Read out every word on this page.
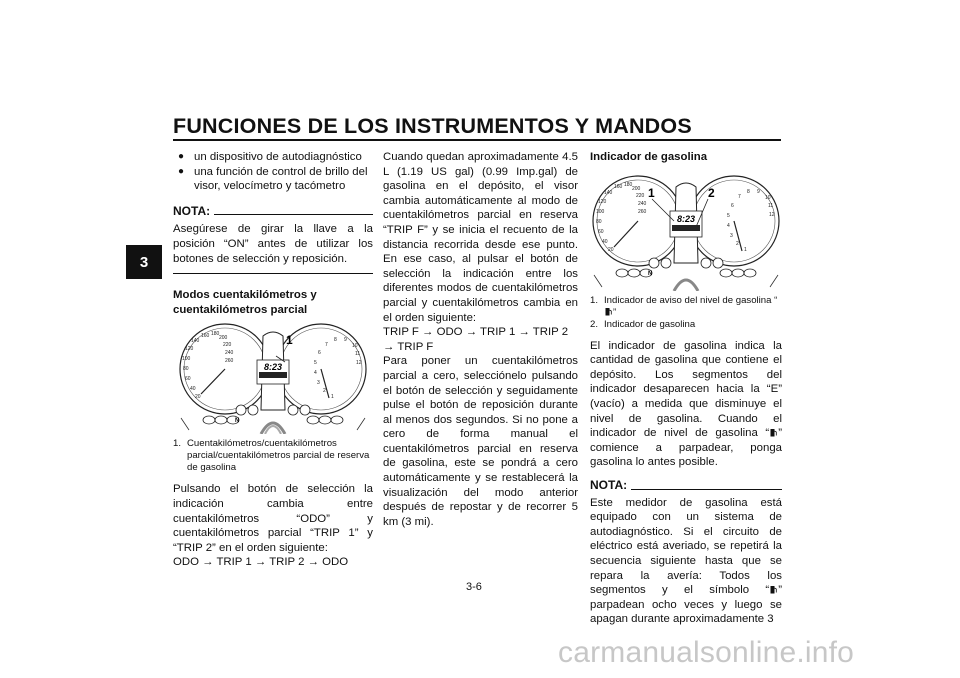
FUNCIONES DE LOS INSTRUMENTOS Y MANDOS
3
● un dispositivo de autodiagnóstico
● una función de control de brillo del visor, velocímetro y tacómetro
NOTA:

Asegúrese de girar la llave a la posición “ON” antes de utilizar los botones de selección y reposición.

Modos cuentakilómetros y cuentakilómetros parcial

8:23
20
40
60
80
100
120
140
160 180
200
220
240
260
1
2
3
4
5
6
7
8 9
10
11
12
N
1
1. Cuentakilómetros/cuentakilómetros parcial/cuentakilómetros parcial de reserva de gasolina

Pulsando el botón de selección la indicación cambia entre cuentakilómetros “ODO” y cuentakilómetros parcial “TRIP 1” y “TRIP 2” en el orden siguiente:

ODO → TRIP 1 → TRIP 2 → ODO

Cuando quedan aproximadamente 4.5 L (1.19 US gal) (0.99 Imp.gal) de gasolina en el depósito, el visor cambia automáticamente al modo de cuentakilómetros parcial en reserva “TRIP F” y se inicia el recuento de la distancia recorrida desde ese punto. En ese caso, al pulsar el botón de selección la indicación entre los diferentes modos de cuentakilómetros parcial y cuentakilómetros cambia en el orden siguiente:

TRIP F → ODO → TRIP 1 → TRIP 2 → TRIP F

Para poner un cuentakilómetros parcial a cero, selecciónelo pulsando el botón de selección y seguidamente pulse el botón de reposición durante al menos dos segundos. Si no pone a cero de forma manual el cuentakilómetros parcial en reserva de gasolina, este se pondrá a cero automáticamente y se restablecerá la visualización del modo anterior después de repostar y de recorrer 5 km (3 mi).

Indicador de gasolina

8:23
20
40
60
80
100
120
140
160 180
200
220
240
260
1
2
3
4
5
6
7
8 9
10
11
12
N
1	2
1. Indicador de aviso del nivel de gasolina “”
2. Indicador de gasolina

El indicador de gasolina indica la cantidad de gasolina que contiene el depósito. Los segmentos del indicador desaparecen hacia la “E” (vacío) a medida que disminuye el nivel de gasolina. Cuando el indicador de nivel de gasolina “ ” comience a parpadear, ponga gasolina lo antes posible.

NOTA:

Este medidor de gasolina está equipado con un sistema de autodiagnóstico. Si el circuito de eléctrico está averiado, se repetirá la secuencia siguiente hasta que se repara la avería: Todos los segmentos y el símbolo “ ” parpadean ocho veces y luego se apagan durante aproximadamente 3

3-6
carmanualsonline.info
